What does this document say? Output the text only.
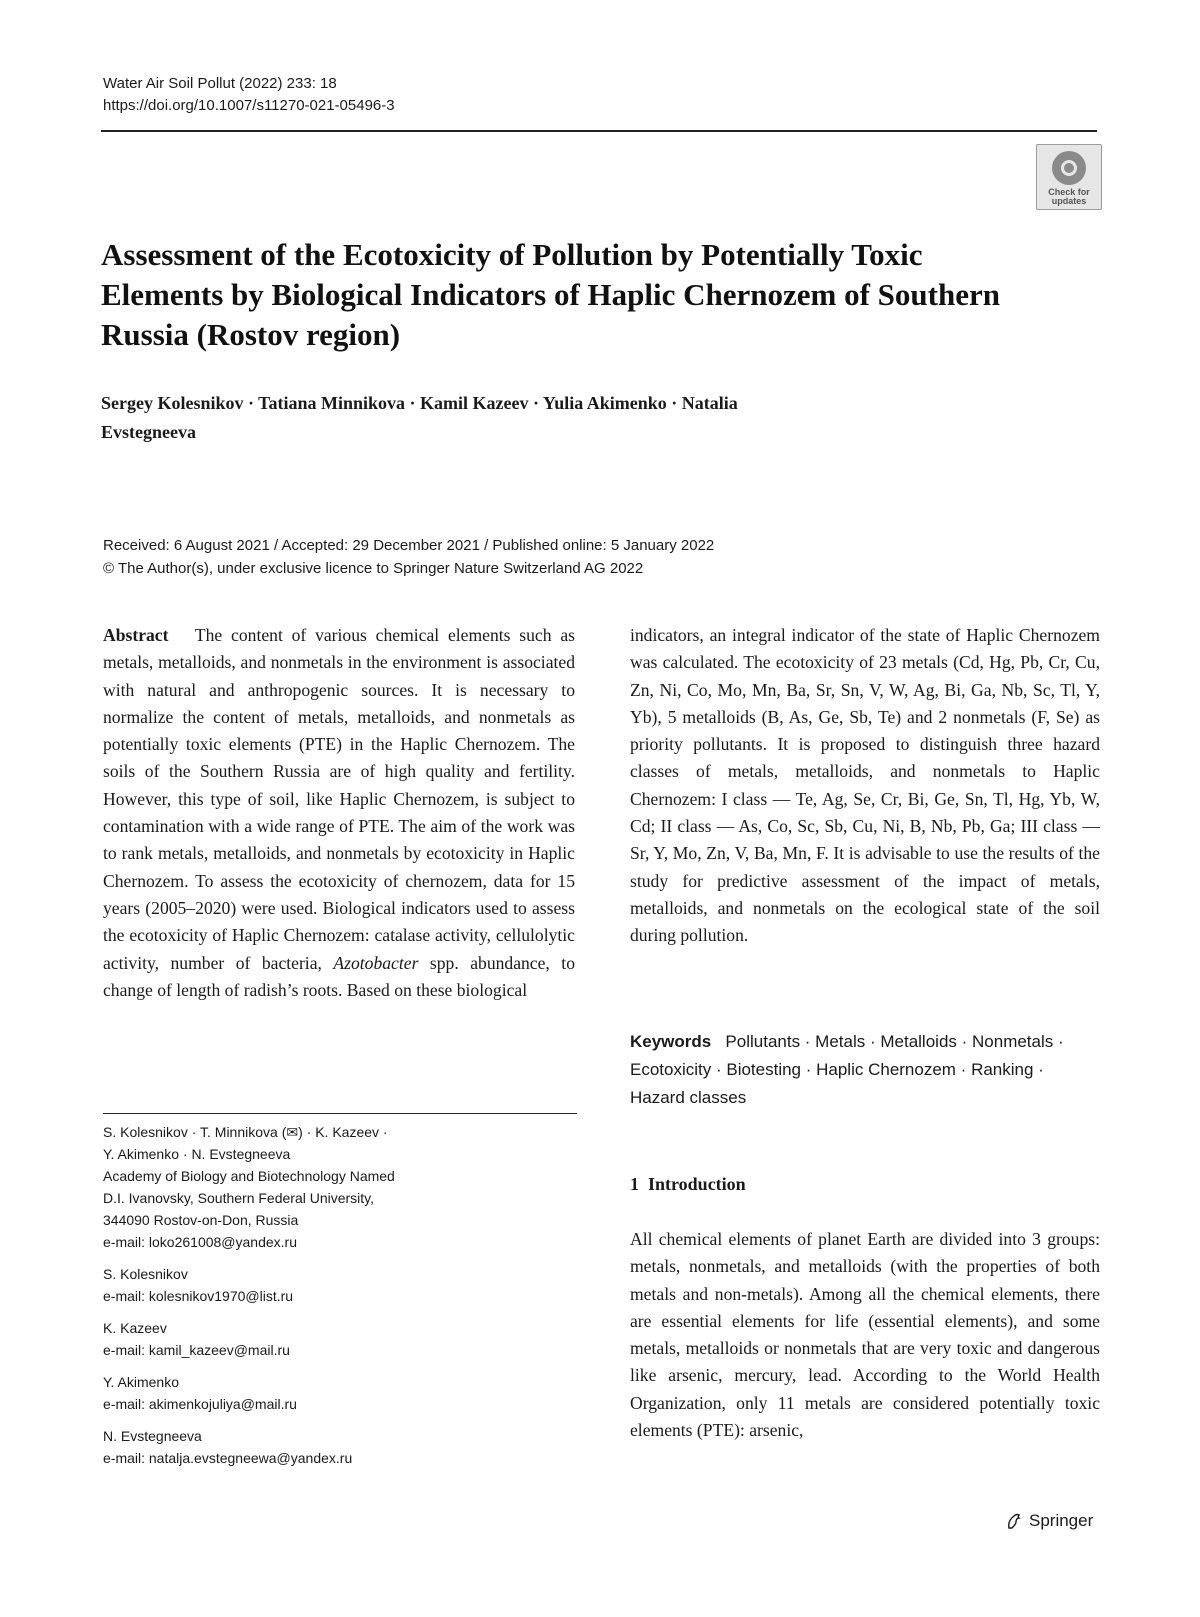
Water Air Soil Pollut (2022) 233: 18
https://doi.org/10.1007/s11270-021-05496-3
Check for updates
Assessment of the Ecotoxicity of Pollution by Potentially Toxic Elements by Biological Indicators of Haplic Chernozem of Southern Russia (Rostov region)
Sergey Kolesnikov · Tatiana Minnikova · Kamil Kazeev · Yulia Akimenko · Natalia Evstegneeva
Received: 6 August 2021 / Accepted: 29 December 2021 / Published online: 5 January 2022
© The Author(s), under exclusive licence to Springer Nature Switzerland AG 2022
Abstract The content of various chemical elements such as metals, metalloids, and nonmetals in the environment is associated with natural and anthropogenic sources. It is necessary to normalize the content of metals, metalloids, and nonmetals as potentially toxic elements (PTE) in the Haplic Chernozem. The soils of the Southern Russia are of high quality and fertility. However, this type of soil, like Haplic Chernozem, is subject to contamination with a wide range of PTE. The aim of the work was to rank metals, metalloids, and nonmetals by ecotoxicity in Haplic Chernozem. To assess the ecotoxicity of chernozem, data for 15 years (2005–2020) were used. Biological indicators used to assess the ecotoxicity of Haplic Chernozem: catalase activity, cellulolytic activity, number of bacteria, Azotobacter spp. abundance, to change of length of radish’s roots. Based on these biological
indicators, an integral indicator of the state of Haplic Chernozem was calculated. The ecotoxicity of 23 metals (Cd, Hg, Pb, Cr, Cu, Zn, Ni, Co, Mo, Mn, Ba, Sr, Sn, V, W, Ag, Bi, Ga, Nb, Sc, Tl, Y, Yb), 5 metalloids (B, As, Ge, Sb, Te) and 2 nonmetals (F, Se) as priority pollutants. It is proposed to distinguish three hazard classes of metals, metalloids, and nonmetals to Haplic Chernozem: I class — Te, Ag, Se, Cr, Bi, Ge, Sn, Tl, Hg, Yb, W, Cd; II class — As, Co, Sc, Sb, Cu, Ni, B, Nb, Pb, Ga; III class — Sr, Y, Mo, Zn, V, Ba, Mn, F. It is advisable to use the results of the study for predictive assessment of the impact of metals, metalloids, and nonmetals on the ecological state of the soil during pollution.
Keywords Pollutants · Metals · Metalloids · Nonmetals · Ecotoxicity · Biotesting · Haplic Chernozem · Ranking · Hazard classes
S. Kolesnikov · T. Minnikova (✉) · K. Kazeev ·
Y. Akimenko · N. Evstegneeva
Academy of Biology and Biotechnology Named
D.I. Ivanovsky, Southern Federal University,
344090 Rostov-on-Don, Russia
e-mail: loko261008@yandex.ru
S. Kolesnikov
e-mail: kolesnikov1970@list.ru
K. Kazeev
e-mail: kamil_kazeev@mail.ru
Y. Akimenko
e-mail: akimenkojuliya@mail.ru
N. Evstegneeva
e-mail: natalja.evstegneewa@yandex.ru
1 Introduction
All chemical elements of planet Earth are divided into 3 groups: metals, nonmetals, and metalloids (with the properties of both metals and non-metals). Among all the chemical elements, there are essential elements for life (essential elements), and some metals, metalloids or nonmetals that are very toxic and dangerous like arsenic, mercury, lead. According to the World Health Organization, only 11 metals are considered potentially toxic elements (PTE): arsenic,
Springer
